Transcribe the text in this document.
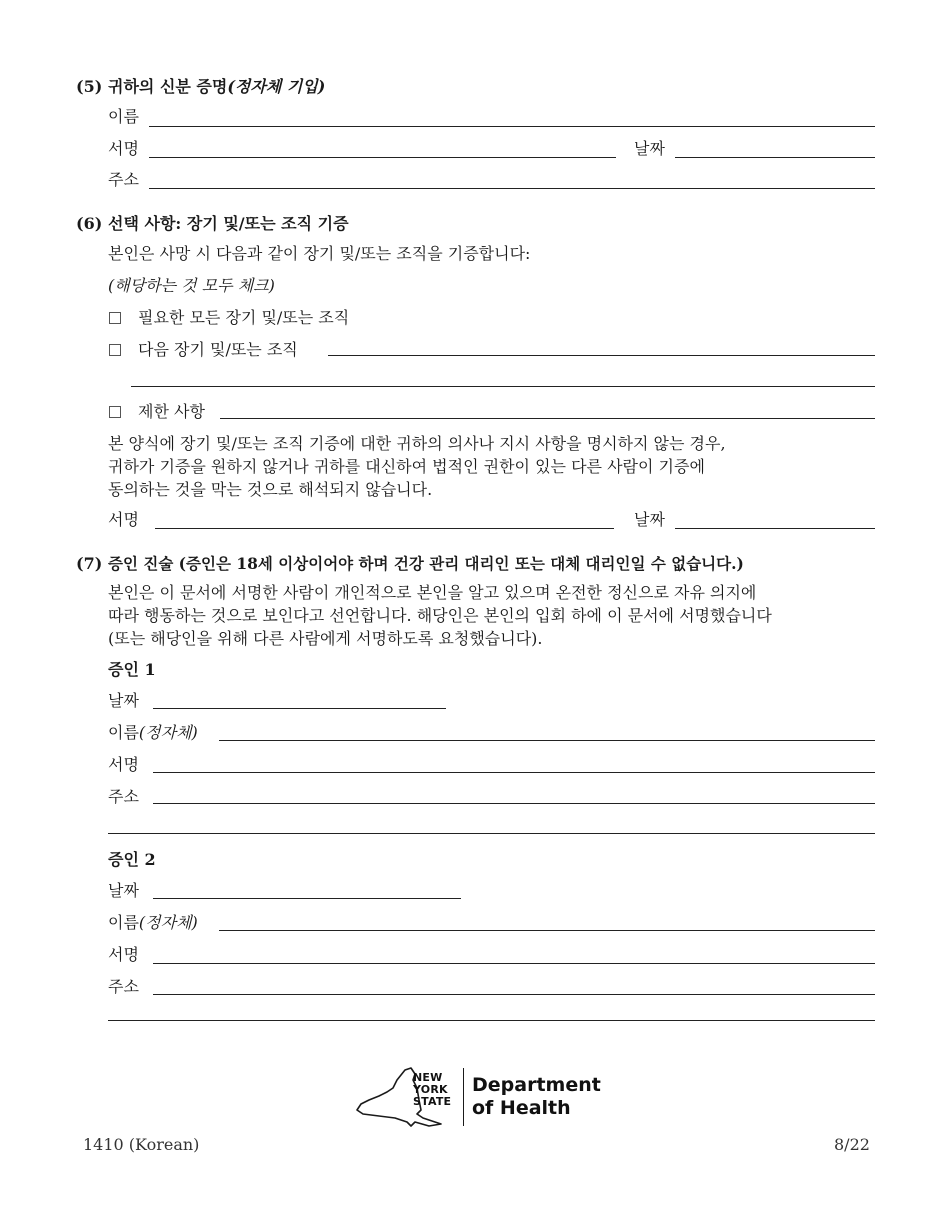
(5) 귀하의 신분 증명(정자체 기입)
이름
서명	날짜
주소
(6) 선택 사항: 장기 및/또는 조직 기증
본인은 사망 시 다음과 같이 장기 및/또는 조직을 기증합니다:
(해당하는 것 모두 체크)
필요한 모든 장기 및/또는 조직
다음 장기 및/또는 조직
제한 사항
본 양식에 장기 및/또는 조직 기증에 대한 귀하의 의사나 지시 사항을 명시하지 않는 경우,
귀하가 기증을 원하지 않거나 귀하를 대신하여 법적인 권한이 있는 다른 사람이 기증에
동의하는 것을 막는 것으로 해석되지 않습니다.
서명	날짜
(7) 증인 진술 (증인은 18세 이상이어야 하며 건강 관리 대리인 또는 대체 대리인일 수 없습니다.)
본인은 이 문서에 서명한 사람이 개인적으로 본인을 알고 있으며 온전한 정신으로 자유 의지에
따라 행동하는 것으로 보인다고 선언합니다. 해당인은 본인의 입회 하에 이 문서에 서명했습니다
(또는 해당인을 위해 다른 사람에게 서명하도록 요청했습니다).
증인 1
날짜
이름(정자체)
서명
주소
증인 2
날짜
이름(정자체)
서명
주소
NEW
YORK
STATE
Department
of Health
1410 (Korean)	8/22
